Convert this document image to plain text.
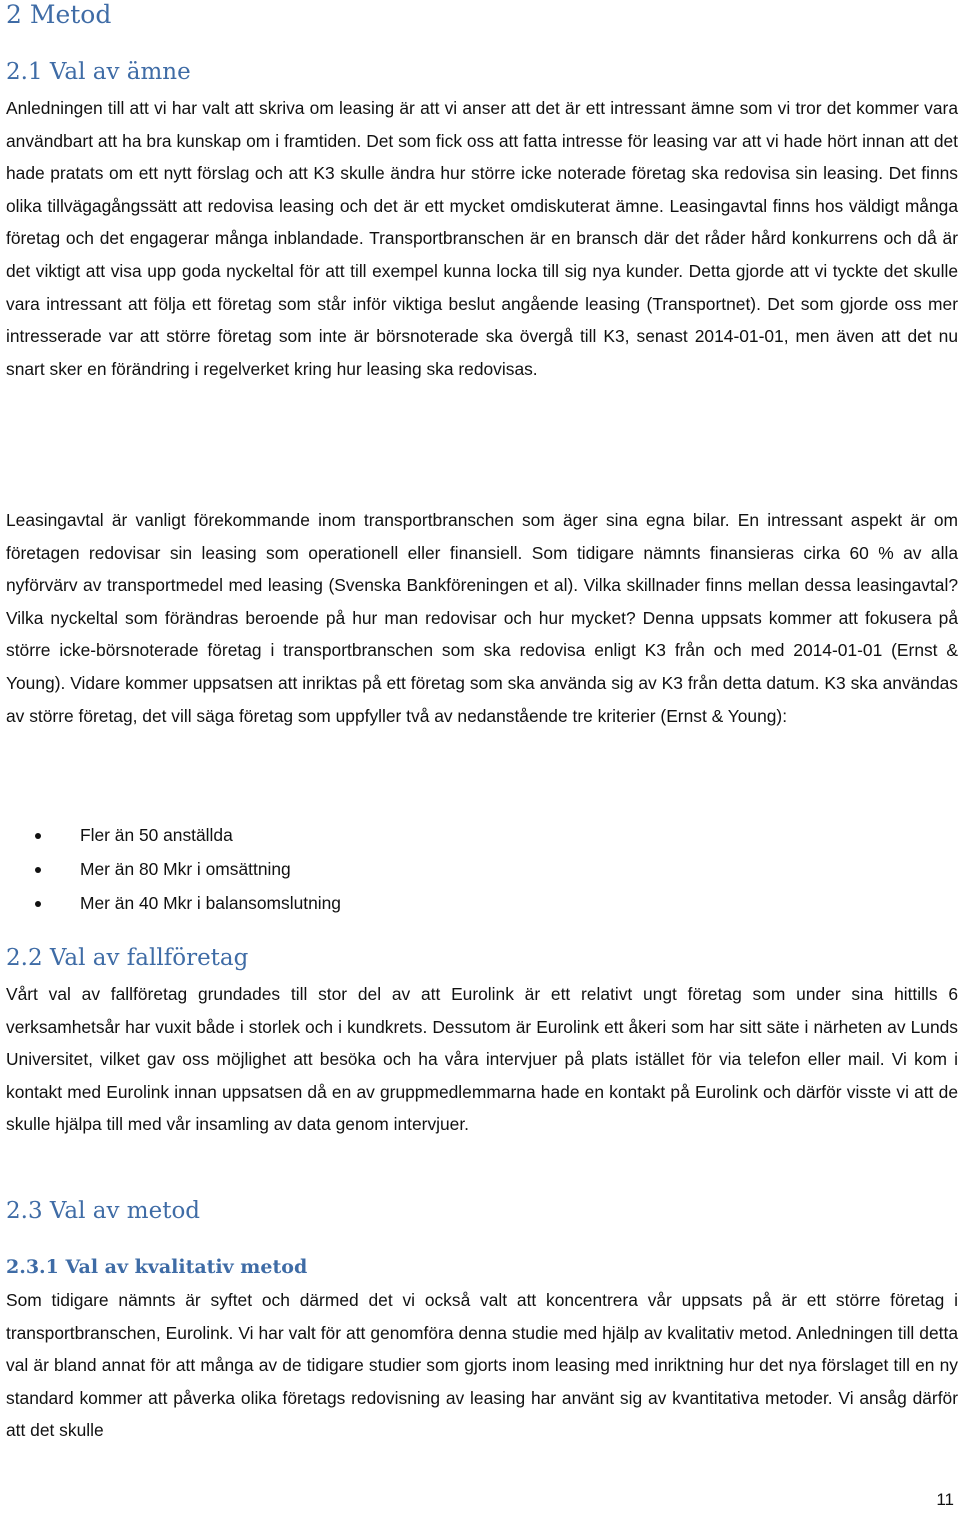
2 Metod
2.1 Val av ämne

Anledningen till att vi har valt att skriva om leasing är att vi anser att det är ett intressant ämne som vi tror det kommer vara användbart att ha bra kunskap om i framtiden. Det som fick oss att fatta intresse för leasing var att vi hade hört innan att det hade pratats om ett nytt förslag och att K3 skulle ändra hur större icke noterade företag ska redovisa sin leasing. Det finns olika tillvägagångssätt att redovisa leasing och det är ett mycket omdiskuterat ämne. Leasingavtal finns hos väldigt många företag och det engagerar många inblandade. Transportbranschen är en bransch där det råder hård konkurrens och då är det viktigt att visa upp goda nyckeltal för att till exempel kunna locka till sig nya kunder. Detta gjorde att vi tyckte det skulle vara intressant att följa ett företag som står inför viktiga beslut angående leasing (Transportnet). Det som gjorde oss mer intresserade var att större företag som inte är börsnoterade ska övergå till K3, senast 2014-01-01, men även att det nu snart sker en förändring i regelverket kring hur leasing ska redovisas.

Leasingavtal är vanligt förekommande inom transportbranschen som äger sina egna bilar. En intressant aspekt är om företagen redovisar sin leasing som operationell eller finansiell. Som tidigare nämnts finansieras cirka 60 % av alla nyförvärv av transportmedel med leasing (Svenska Bankföreningen et al). Vilka skillnader finns mellan dessa leasingavtal? Vilka nyckeltal som förändras beroende på hur man redovisar och hur mycket? Denna uppsats kommer att fokusera på större icke-börsnoterade företag i transportbranschen som ska redovisa enligt K3 från och med 2014-01-01 (Ernst & Young). Vidare kommer uppsatsen att inriktas på ett företag som ska använda sig av K3 från detta datum. K3 ska användas av större företag, det vill säga företag som uppfyller två av nedanstående tre kriterier (Ernst & Young):

Fler än 50 anställda
Mer än 80 Mkr i omsättning
Mer än 40 Mkr i balansomslutning
2.2 Val av fallföretag

Vårt val av fallföretag grundades till stor del av att Eurolink är ett relativt ungt företag som under sina hittills 6 verksamhetsår har vuxit både i storlek och i kundkrets. Dessutom är Eurolink ett åkeri som har sitt säte i närheten av Lunds Universitet, vilket gav oss möjlighet att besöka och ha våra intervjuer på plats istället för via telefon eller mail. Vi kom i kontakt med Eurolink innan uppsatsen då en av gruppmedlemmarna hade en kontakt på Eurolink och därför visste vi att de skulle hjälpa till med vår insamling av data genom intervjuer.

2.3 Val av metod
2.3.1 Val av kvalitativ metod

Som tidigare nämnts är syftet och därmed det vi också valt att koncentrera vår uppsats på är ett större företag i transportbranschen, Eurolink. Vi har valt för att genomföra denna studie med hjälp av kvalitativ metod. Anledningen till detta val är bland annat för att många av de tidigare studier som gjorts inom leasing med inriktning hur det nya förslaget till en ny standard kommer att påverka olika företags redovisning av leasing har använt sig av kvantitativa metoder. Vi ansåg därför att det skulle

11
